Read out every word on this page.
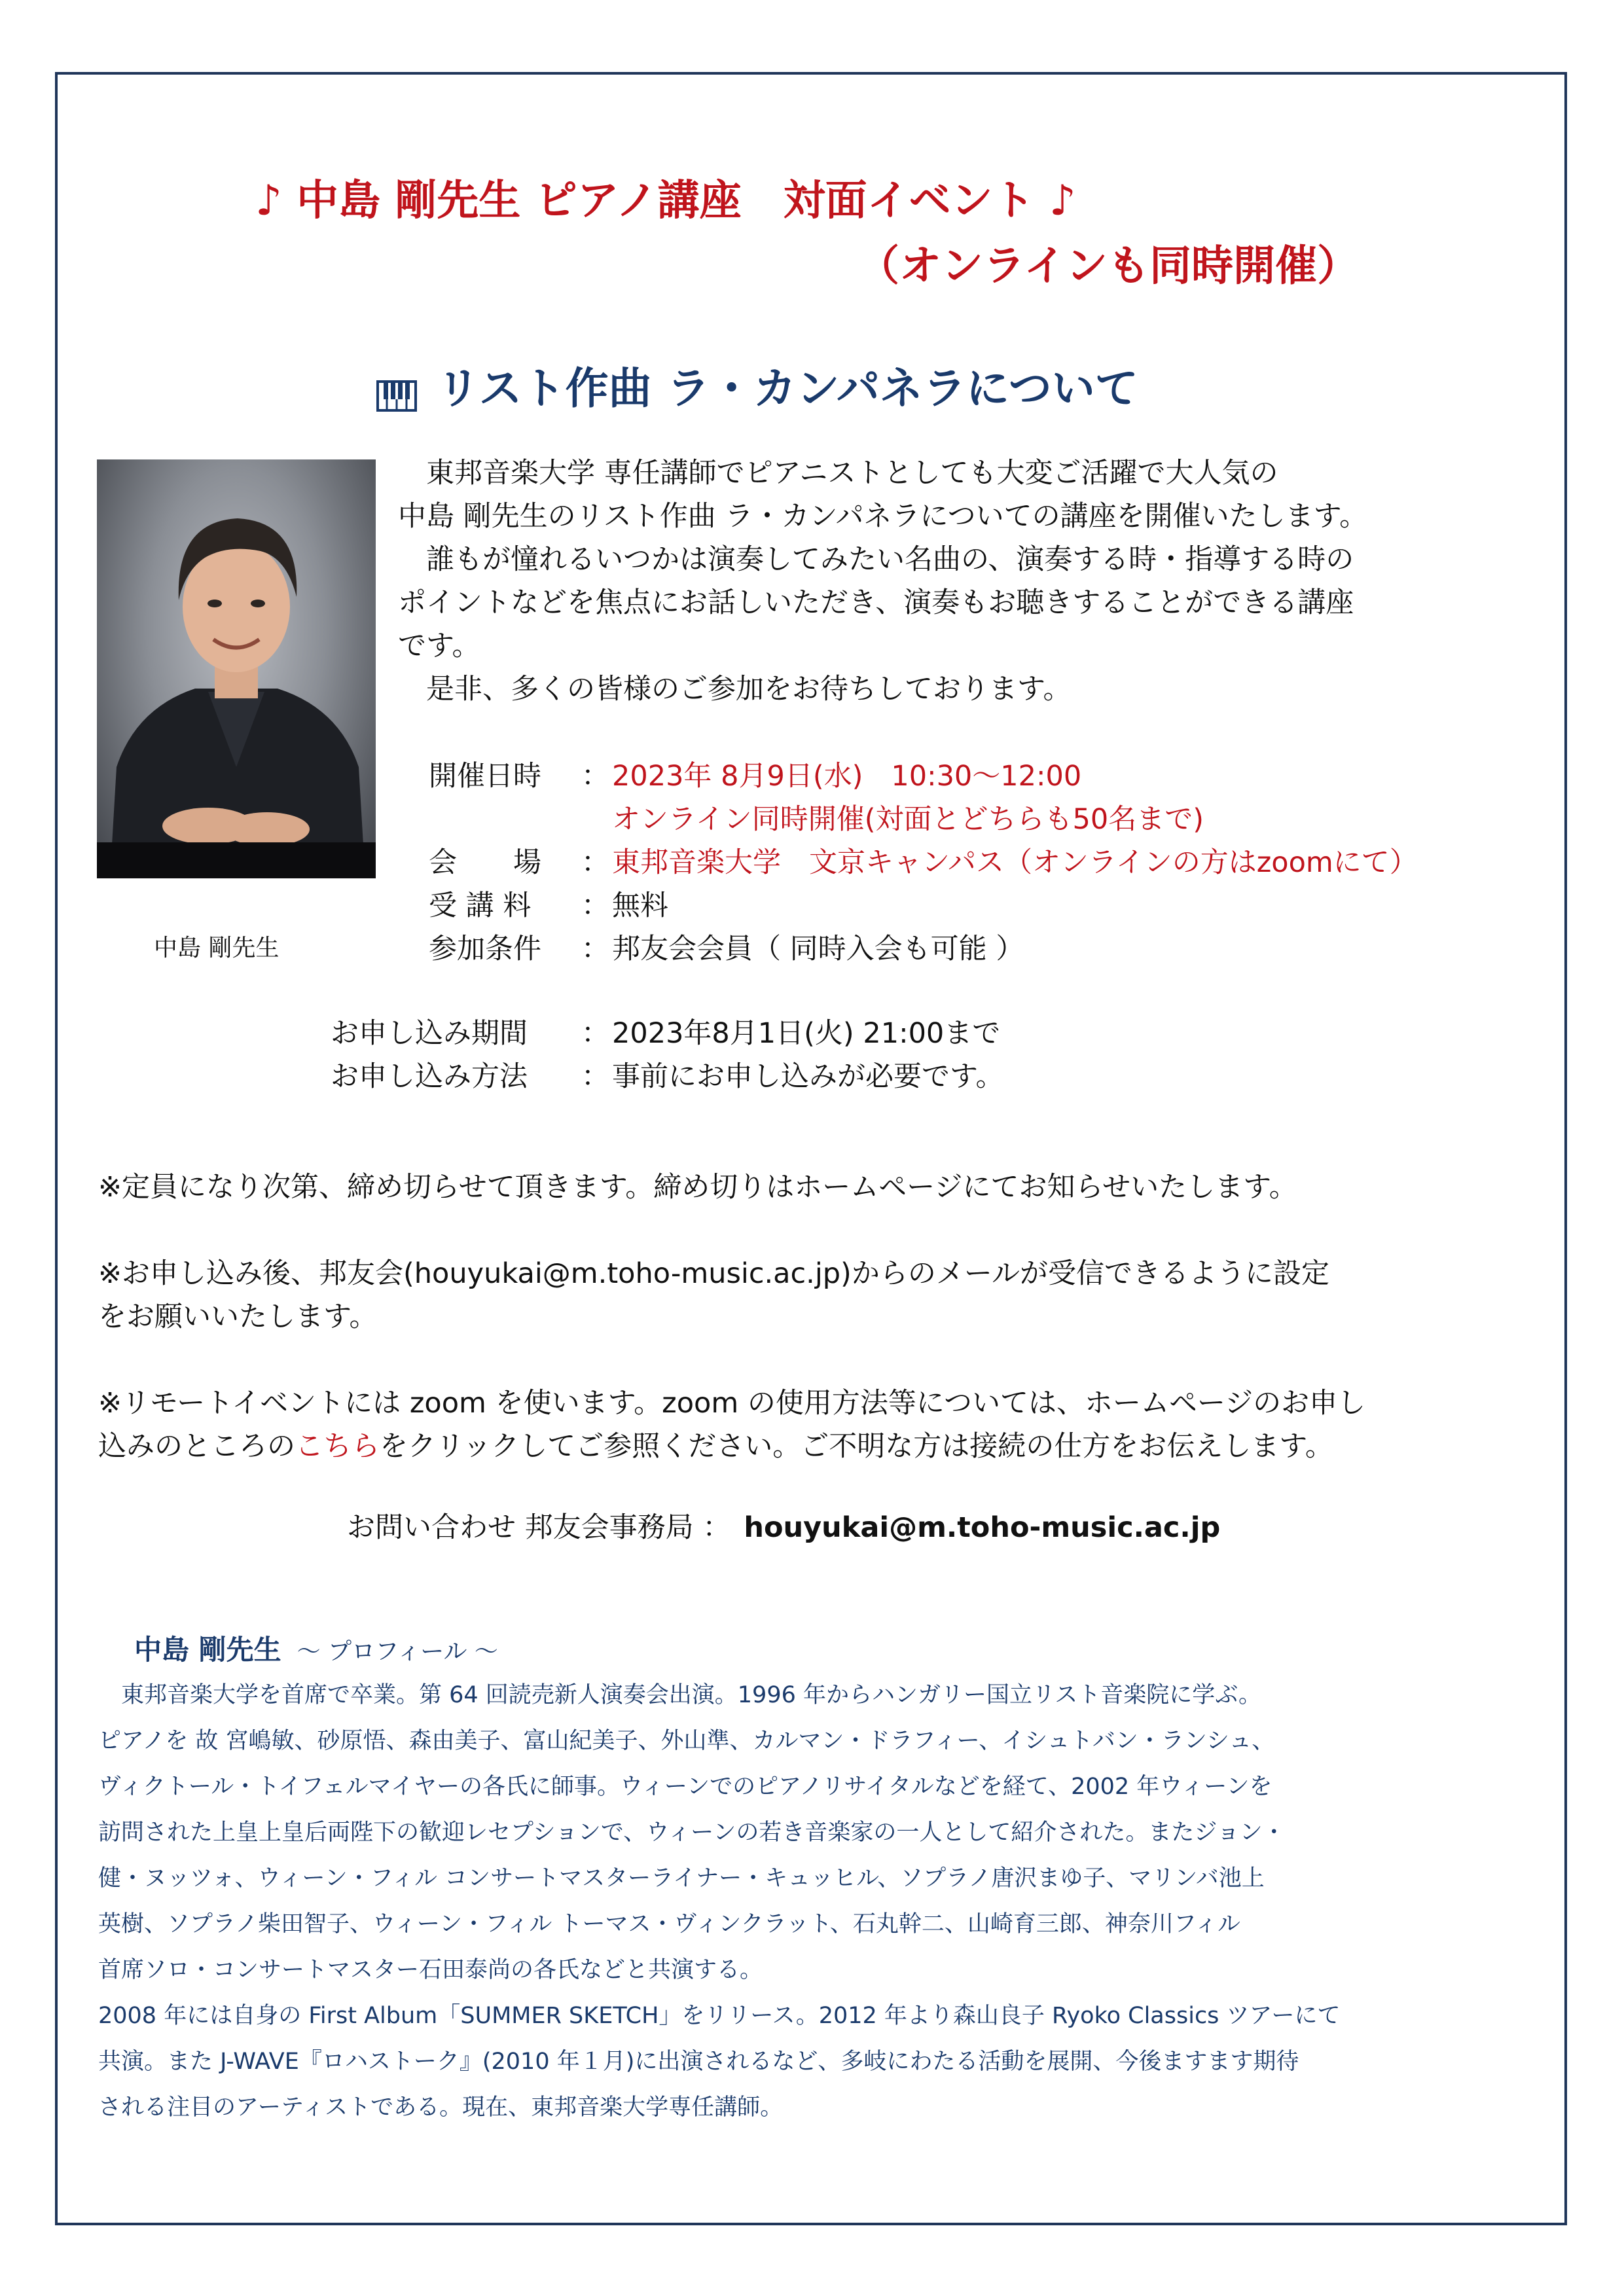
♪ 中島 剛先生 ピアノ講座　対面イベント ♪
（オンラインも同時開催）
リスト作曲 ラ・カンパネラについて
中島 剛先生
　東邦音楽大学 専任講師でピアニストとしても大変ご活躍で大人気の
中島 剛先生のリスト作曲 ラ・カンパネラについての講座を開催いたします。
　誰もが憧れるいつかは演奏してみたい名曲の、演奏する時・指導する時の
ポイントなどを焦点にお話しいただき、演奏もお聴きすることができる講座
です。
　是非、多くの皆様のご参加をお待ちしております。
開催日時 ： 2023年 8月9日(水)　10:30～12:00
オンライン同時開催(対面とどちらも50名まで)
会　　場 ： 東邦音楽大学　文京キャンパス（オンラインの方はzoomにて）
受 講 料 ： 無料
参加条件 ： 邦友会会員（ 同時入会も可能 ）
お申し込み期間 ： 2023年8月1日(火) 21:00まで
お申し込み方法 ： 事前にお申し込みが必要です。
※定員になり次第、締め切らせて頂きます。締め切りはホームページにてお知らせいたします。
※お申し込み後、邦友会(houyukai@m.toho-music.ac.jp)からのメールが受信できるように設定
をお願いいたします。
※リモートイベントには zoom を使います。zoom の使用方法等については、ホームページのお申し
込みのところのこちらをクリックしてご参照ください。ご不明な方は接続の仕方をお伝えします。
お問い合わせ 邦友会事務局 ： houyukai@m.toho-music.ac.jp
中島 剛先生 ～ プロフィール ～
　東邦音楽大学を首席で卒業。第 64 回読売新人演奏会出演。1996 年からハンガリー国立リスト音楽院に学ぶ。
ピアノを 故 宮嶋敏、砂原悟、森由美子、富山紀美子、外山準、カルマン・ドラフィー、イシュトバン・ランシュ、
ヴィクトール・トイフェルマイヤーの各氏に師事。ウィーンでのピアノリサイタルなどを経て、2002 年ウィーンを
訪問された上皇上皇后両陛下の歓迎レセプションで、ウィーンの若き音楽家の一人として紹介された。またジョン・
健・ヌッツォ、ウィーン・フィル コンサートマスターライナー・キュッヒル、ソプラノ唐沢まゆ子、マリンバ池上
英樹、ソプラノ柴田智子、ウィーン・フィル トーマス・ヴィンクラット、石丸幹二、山崎育三郎、神奈川フィル
首席ソロ・コンサートマスター石田泰尚の各氏などと共演する。
2008 年には自身の First Album「SUMMER SKETCH」をリリース。2012 年より森山良子 Ryoko Classics ツアーにて
共演。また J-WAVE『ロハストーク』(2010 年１月)に出演されるなど、多岐にわたる活動を展開、今後ますます期待
される注目のアーティストである。現在、東邦音楽大学専任講師。
